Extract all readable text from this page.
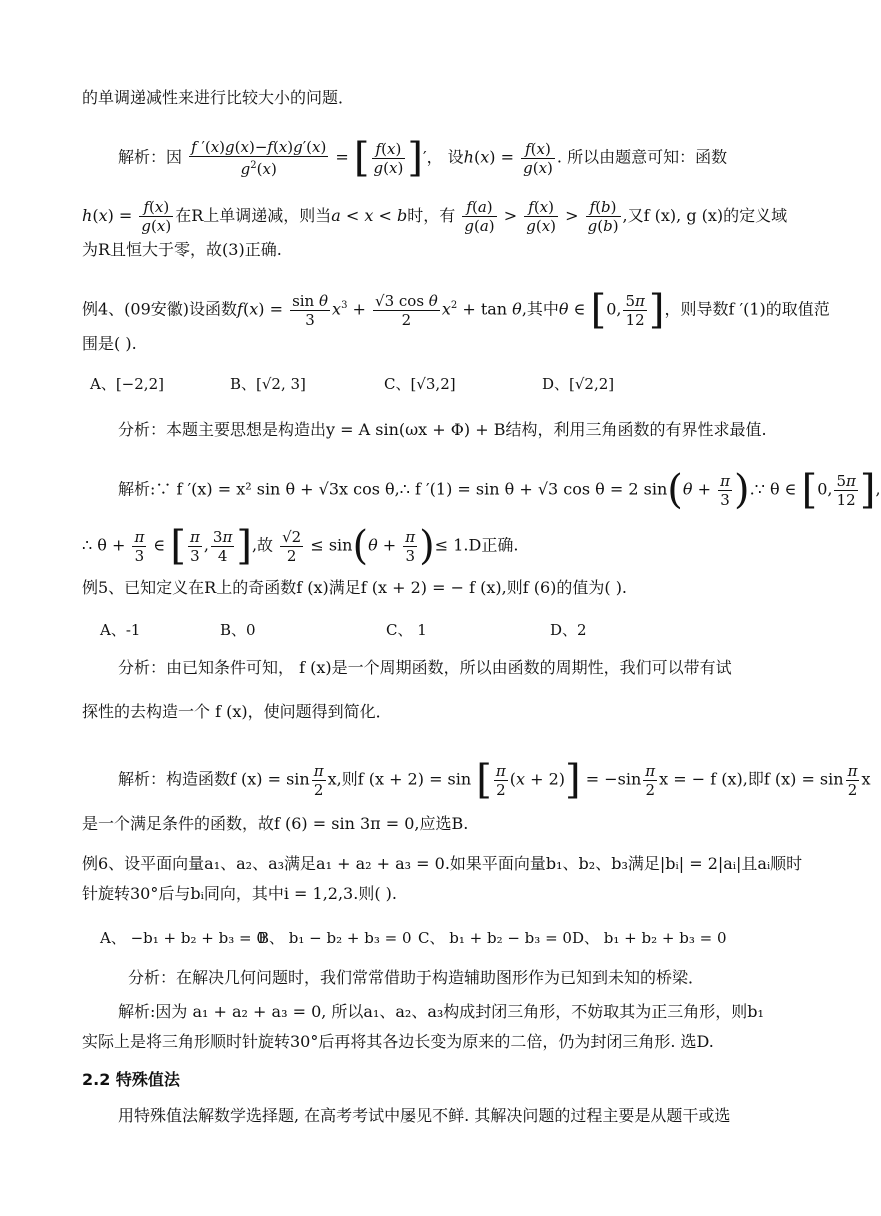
的单调递减性来进行比较大小的问题．
解析：因 $\frac{f '(x)g(x)-f(x)g'(x)}{g^2(x)}$ = [ $\frac{f(x)}{g(x)}$ ]′， 设$h(x) = \frac{f(x)}{g(x)}$ . 所以由题意可知：函数
$h(x) = \frac{f(x)}{g(x)}$ 在R上单调递减，则当a < x < b时，有 $\frac{f(a)}{g(a)} > \frac{f(x)}{g(x)} > \frac{f(b)}{g(b)}$ ,又f (x), g (x)的定义域
为R且恒大于零，故(3)正确.
例4、(09安徽)设函数$f(x) = \frac{\text{sin θ}}{3} x^3 + \frac{\text{√3 cos θ}}{2} x^2 + \tan \theta$,其中θ ∈ [0, $\frac{5\pi}{12}$ ]，则导数f ′(1)的取值范
围是( ).
A、[−2,2]	B、[√2, 3]	C、[√3,2]	D、[√2,2]
分析：本题主要思想是构造出y = A sin(ωx + Φ) + B结构，利用三角函数的有界性求最值.
解析:∵ f ′(x) = x² sin θ + √3x cos θ,∴ f ′(1) = sin θ + √3 cos θ = 2 $\sin(\theta + \frac{\pi}{3}$ ).∵ θ ∈ [0, $\frac{5\pi}{12}$ ],
∴ $\theta + \frac{\pi}{3}$ ∈ [ $\frac{\pi}{3}$ , $\frac{3\pi}{4}$ ],故 $\frac{√2}{2} \le \sin(\theta + \frac{\pi}{3}$ )≤ 1.D正确.
例5、已知定义在R上的奇函数f (x)满足f (x + 2) = − f (x),则f (6)的值为( ).
A、-1	B、0	C、 1	D、2
分析：由已知条件可知， f (x)是一个周期函数，所以由函数的周期性，我们可以带有试
探性的去构造一个 f (x)，使问题得到简化．
解析：构造函数f $(x) = \sin \frac{\pi}{2} x$,则f (x + 2) = sin [ $\frac{\pi}{2} (x + 2)] = -\sin \frac{\pi}{2}$ x = − f (x),即f $(x) = \sin \frac{\pi}{2}$ x
是一个满足条件的函数，故f (6) = sin 3π = 0,应选B.
例6、设平面向量a₁、a₂、a₃满足a₁ + a₂ + a₃ = 0.如果平面向量b₁、b₂、b₃满足|bᵢ| = 2|aᵢ|且aᵢ顺时
针旋转30°后与bᵢ同向，其中i = 1,2,3.则( ).
A、 −b₁ + b₂ + b₃ = 0
B、 b₁ − b₂ + b₃ = 0 C、 b₁ + b₂ − b₃ = 0 D、 b₁ + b₂ + b₃ = 0
分析：在解决几何问题时，我们常常借助于构造辅助图形作为已知到未知的桥梁．
解析:因为 a₁ + a₂ + a₃ = 0, 所以a₁、a₂、a₃构成封闭三角形，不妨取其为正三角形，则b₁
实际上是将三角形顺时针旋转30°后再将其各边长变为原来的二倍，仍为封闭三角形. 选D.
2.2 特殊值法
用特殊值法解数学选择题, 在高考考试中屡见不鲜. 其解决问题的过程主要是从题干或选
